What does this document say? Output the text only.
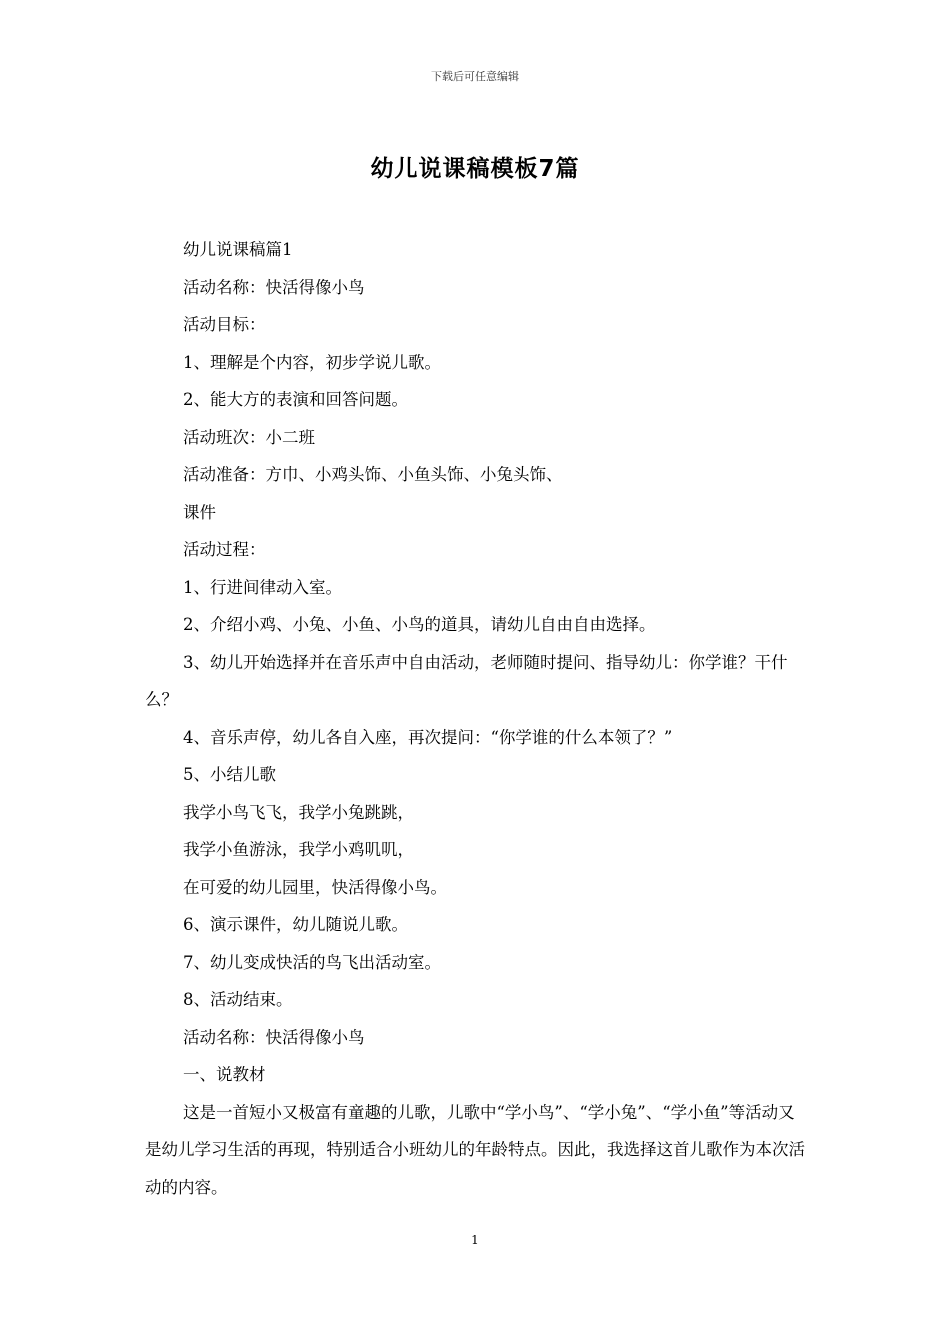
下载后可任意编辑
幼儿说课稿模板7篇

幼儿说课稿篇1

活动名称：快活得像小鸟

活动目标：

1、理解是个内容，初步学说儿歌。

2、能大方的表演和回答问题。

活动班次：小二班

活动准备：方巾、小鸡头饰、小鱼头饰、小兔头饰、

课件

活动过程：

1、行进间律动入室。

2、介绍小鸡、小兔、小鱼、小鸟的道具，请幼儿自由自由选择。

3、幼儿开始选择并在音乐声中自由活动，老师随时提问、指导幼儿：你学谁？干什么？

4、音乐声停，幼儿各自入座，再次提问：“你学谁的什么本领了？”

5、小结儿歌

我学小鸟飞飞，我学小兔跳跳，

我学小鱼游泳，我学小鸡叽叽，

在可爱的幼儿园里，快活得像小鸟。

6、演示课件，幼儿随说儿歌。

7、幼儿变成快活的鸟飞出活动室。

8、活动结束。

活动名称：快活得像小鸟

一、说教材

这是一首短小又极富有童趣的儿歌，儿歌中“学小鸟”、“学小兔”、“学小鱼”等活动又是幼儿学习生活的再现，特别适合小班幼儿的年龄特点。因此，我选择这首儿歌作为本次活动的内容。

1
